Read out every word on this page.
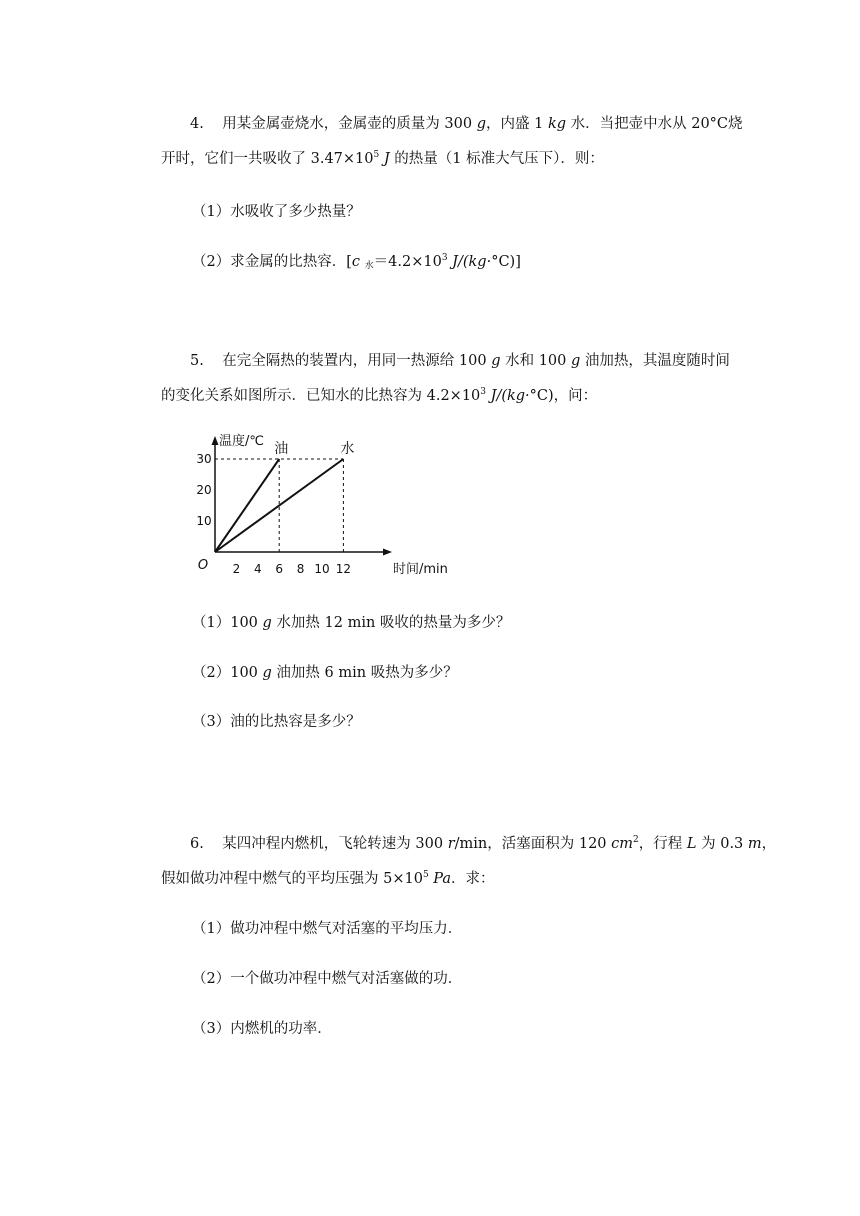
4. 用某金属壶烧水，金属壶的质量为 300 g，内盛 1 kg 水．当把壶中水从 20°C烧
开时，它们一共吸收了 $3.47\times 10^5$ J 的热量（1 标准大气压下）．则：
（1）水吸收了多少热量？
（2）求金属的比热容．[c $_水=4.2\times 10^3$ J/(kg·°C)]
5. 在完全隔热的装置内，用同一热源给 100 g 水和 100 g 油加热，其温度随时间
的变化关系如图所示．已知水的比热容为 $4.2\times 10^3$ J/(kg·°C)，问：
温度/℃
时间/min
O
10
20
30
2 4 6 8 10 12
油	水
（1）100 g 水加热 12 min 吸收的热量为多少？
（2）100 g 油加热 6 min 吸热为多少？
（3）油的比热容是多少？
6. 某四冲程内燃机，飞轮转速为 300 r/min，活塞面积为 120 $cm^2$，行程 L 为 0.3 m，
假如做功冲程中燃气的平均压强为 $5\times 10^5$ Pa．求：
（1）做功冲程中燃气对活塞的平均压力．
（2）一个做功冲程中燃气对活塞做的功．
（3）内燃机的功率．
